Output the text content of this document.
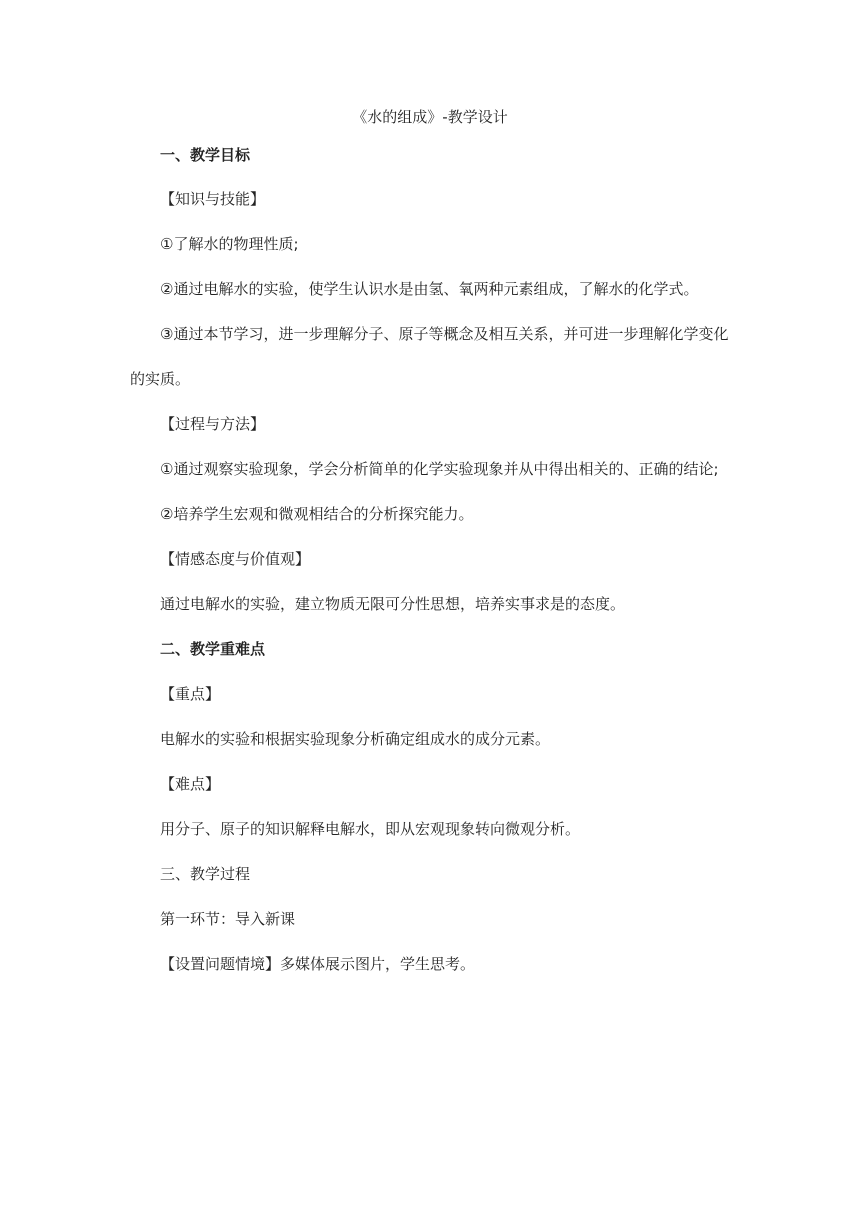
《水的组成》-教学设计
一、教学目标
【知识与技能】
①了解水的物理性质;
②通过电解水的实验，使学生认识水是由氢、氧两种元素组成，了解水的化学式。
③通过本节学习，进一步理解分子、原子等概念及相互关系，并可进一步理解化学变化
的实质。
【过程与方法】
①通过观察实验现象，学会分析简单的化学实验现象并从中得出相关的、正确的结论;
②培养学生宏观和微观相结合的分析探究能力。
【情感态度与价值观】
通过电解水的实验，建立物质无限可分性思想，培养实事求是的态度。
二、教学重难点
【重点】
电解水的实验和根据实验现象分析确定组成水的成分元素。
【难点】
用分子、原子的知识解释电解水，即从宏观现象转向微观分析。
三、教学过程
第一环节：导入新课
【设置问题情境】多媒体展示图片，学生思考。
